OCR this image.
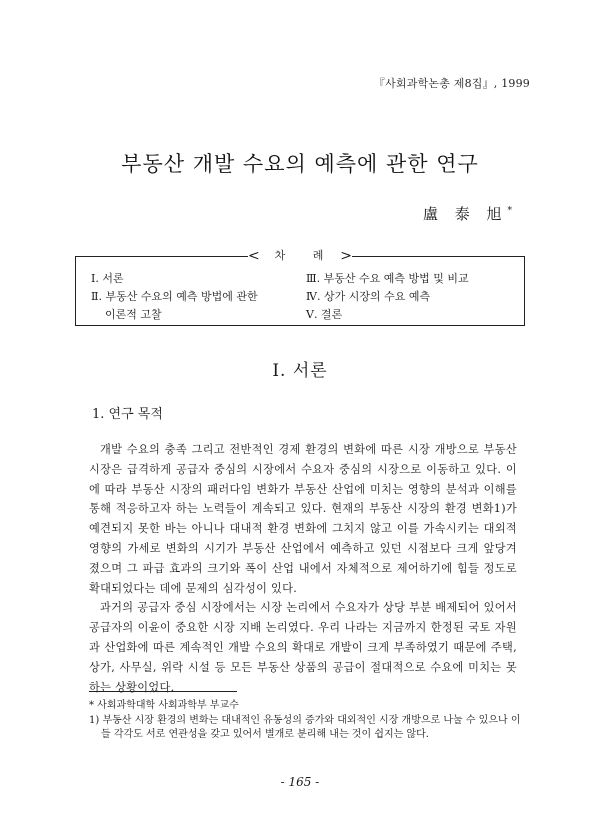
『사회과학논총 제8집』, 1999
부동산 개발 수요의 예측에 관한 연구
盧 泰 旭*
<	차 례 >
Ⅰ. 서론
Ⅱ. 부동산 수요의 예측 방법에 관한
이론적 고찰
Ⅲ. 부동산 수요 예측 방법 및 비교
Ⅳ. 상가 시장의 수요 예측
Ⅴ. 결론
Ⅰ. 서론
1. 연구 목적

개발 수요의 충족 그리고 전반적인 경제 환경의 변화에 따른 시장 개방으로 부동산 시장은 급격하게 공급자 중심의 시장에서 수요자 중심의 시장으로 이동하고 있다. 이에 따라 부동산 시장의 패러다임 변화가 부동산 산업에 미치는 영향의 분석과 이해를 통해 적응하고자 하는 노력들이 계속되고 있다. 현재의 부동산 시장의 환경 변화1)가 예견되지 못한 바는 아니나 대내적 환경 변화에 그치지 않고 이를 가속시키는 대외적 영향의 가세로 변화의 시기가 부동산 산업에서 예측하고 있던 시점보다 크게 앞당겨 졌으며 그 파급 효과의 크기와 폭이 산업 내에서 자체적으로 제어하기에 힘들 정도로 확대되었다는 데에 문제의 심각성이 있다.

과거의 공급자 중심 시장에서는 시장 논리에서 수요자가 상당 부분 배제되어 있어서 공급자의 이윤이 중요한 시장 지배 논리였다. 우리 나라는 지금까지 한정된 국토 자원과 산업화에 따른 계속적인 개발 수요의 확대로 개발이 크게 부족하였기 때문에 주택, 상가, 사무실, 위락 시설 등 모든 부동산 상품의 공급이 절대적으로 수요에 미치는 못하는 상황이었다.

* 사회과학대학 사회과학부 부교수
1) 부동산 시장 환경의 변화는 대내적인 유동성의 증가와 대외적인 시장 개방으로 나눌 수 있으나 이들 각각도 서로 연관성을 갖고 있어서 별개로 분리해 내는 것이 쉽지는 않다.
- 165 -
